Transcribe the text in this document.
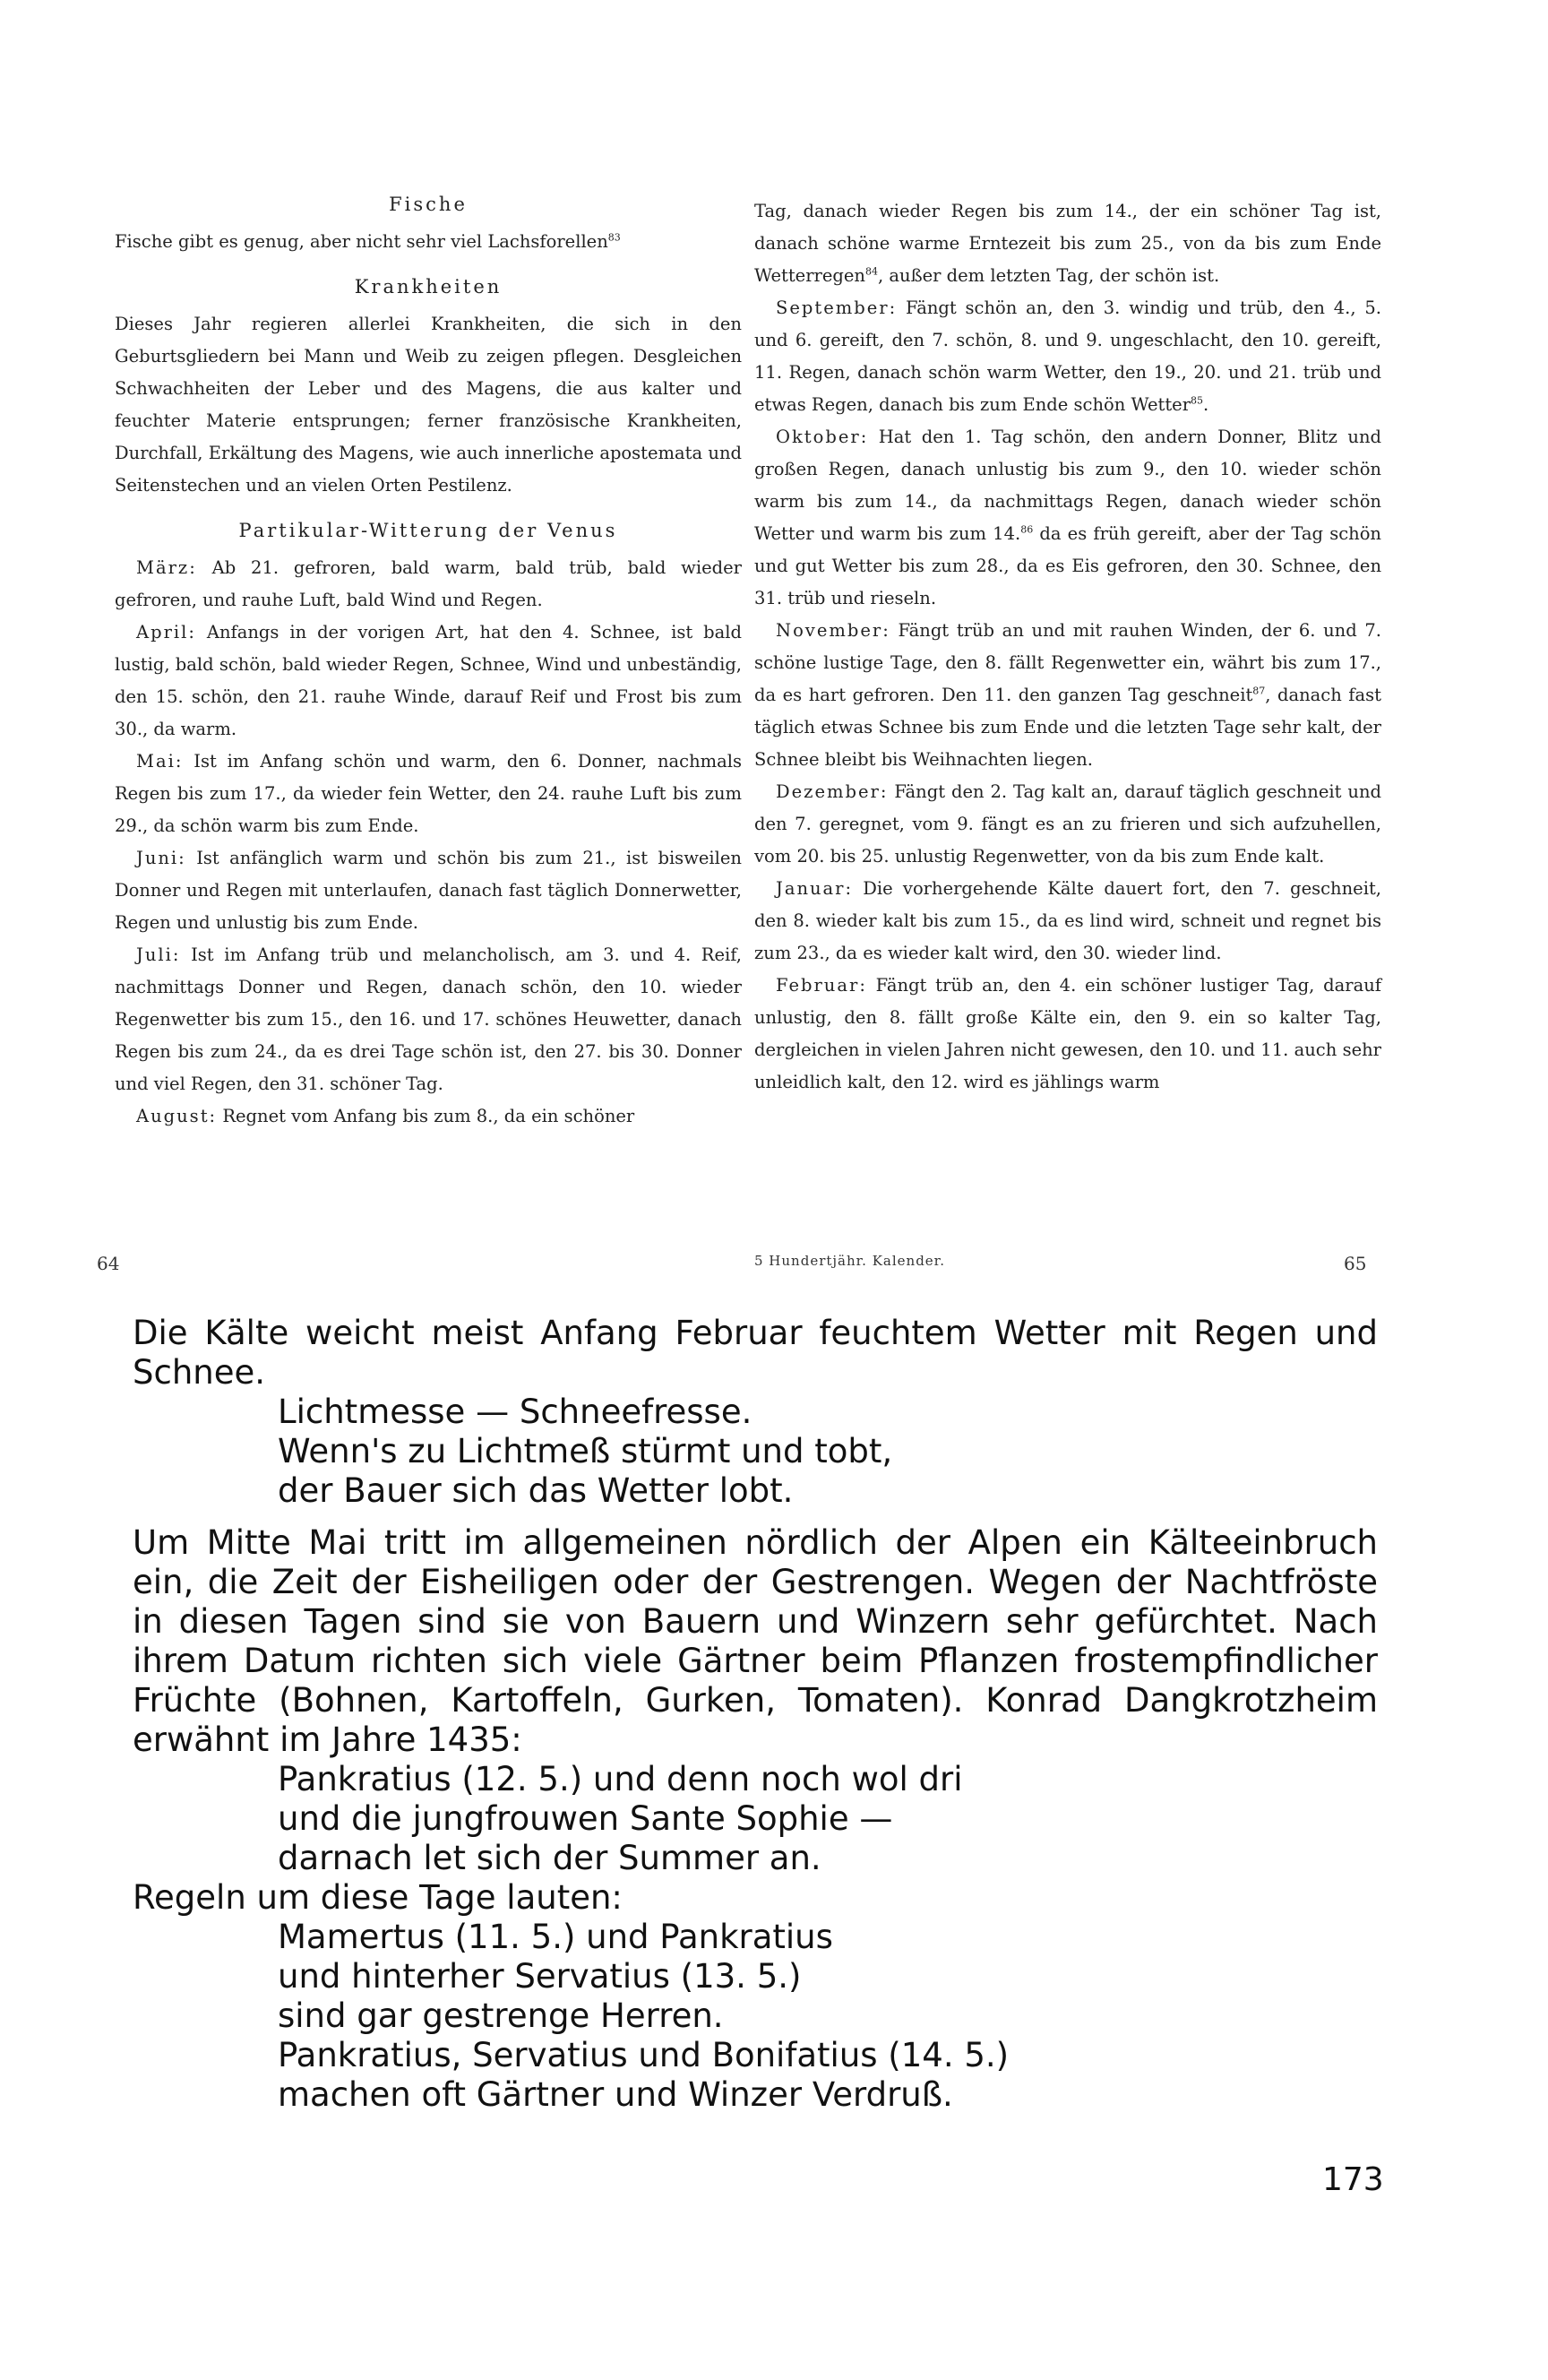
Fische

Fische gibt es genug, aber nicht sehr viel Lachsforellen$^{83}$

Krankheiten

Dieses Jahr regieren allerlei Krankheiten, die sich in den Geburtsgliedern bei Mann und Weib zu zeigen pflegen. Desgleichen Schwachheiten der Leber und des Magens, die aus kalter und feuchter Materie entsprungen; ferner französische Krankheiten, Durchfall, Erkältung des Magens, wie auch innerliche apostemata und Seitenstechen und an vielen Orten Pestilenz.

Partikular-Witterung der Venus

März: Ab 21. gefroren, bald warm, bald trüb, bald wieder gefroren, und rauhe Luft, bald Wind und Regen.

April: Anfangs in der vorigen Art, hat den 4. Schnee, ist bald lustig, bald schön, bald wieder Regen, Schnee, Wind und unbeständig, den 15. schön, den 21. rauhe Winde, darauf Reif und Frost bis zum 30., da warm.

Mai: Ist im Anfang schön und warm, den 6. Donner, nachmals Regen bis zum 17., da wieder fein Wetter, den 24. rauhe Luft bis zum 29., da schön warm bis zum Ende.

Juni: Ist anfänglich warm und schön bis zum 21., ist bisweilen Donner und Regen mit unterlaufen, danach fast täglich Donnerwetter, Regen und unlustig bis zum Ende.

Juli: Ist im Anfang trüb und melancholisch, am 3. und 4. Reif, nachmittags Donner und Regen, danach schön, den 10. wieder Regenwetter bis zum 15., den 16. und 17. schönes Heuwetter, danach Regen bis zum 24., da es drei Tage schön ist, den 27. bis 30. Donner und viel Regen, den 31. schöner Tag.

August: Regnet vom Anfang bis zum 8., da ein schöner

Tag, danach wieder Regen bis zum 14., der ein schöner Tag ist, danach schöne warme Erntezeit bis zum 25., von da bis zum Ende Wetterregen$^{84}$, außer dem letzten Tag, der schön ist.

September: Fängt schön an, den 3. windig und trüb, den 4., 5. und 6. gereift, den 7. schön, 8. und 9. ungeschlacht, den 10. gereift, 11. Regen, danach schön warm Wetter, den 19., 20. und 21. trüb und etwas Regen, danach bis zum Ende schön Wetter$^{85}$.

Oktober: Hat den 1. Tag schön, den andern Donner, Blitz und großen Regen, danach unlustig bis zum 9., den 10. wieder schön warm bis zum 14., da nachmittags Regen, danach wieder schön Wetter und warm bis zum 14.86 da es früh gereift, aber der Tag schön und gut Wetter bis zum 28., da es Eis gefroren, den 30. Schnee, den 31. trüb und rieseln.

November: Fängt trüb an und mit rauhen Winden, der 6. und 7. schöne lustige Tage, den 8. fällt Regenwetter ein, währt bis zum 17., da es hart gefroren. Den 11. den ganzen Tag geschneit$^{87}$, danach fast täglich etwas Schnee bis zum Ende und die letzten Tage sehr kalt, der Schnee bleibt bis Weihnachten liegen.

Dezember: Fängt den 2. Tag kalt an, darauf täglich geschneit und den 7. geregnet, vom 9. fängt es an zu frieren und sich aufzuhellen, vom 20. bis 25. unlustig Regenwetter, von da bis zum Ende kalt.

Januar: Die vorhergehende Kälte dauert fort, den 7. geschneit, den 8. wieder kalt bis zum 15., da es lind wird, schneit und regnet bis zum 23., da es wieder kalt wird, den 30. wieder lind.

Februar: Fängt trüb an, den 4. ein schöner lustiger Tag, darauf unlustig, den 8. fällt große Kälte ein, den 9. ein so kalter Tag, dergleichen in vielen Jahren nicht gewesen, den 10. und 11. auch sehr unleidlich kalt, den 12. wird es jählings warm

64	5 Hundertjähr. Kalender.	65

Die Kälte weicht meist Anfang Februar feuchtem Wetter mit Regen und Schnee.

Lichtmesse — Schneefresse.
Wenn's zu Lichtmeß stürmt und tobt,
der Bauer sich das Wetter lobt.

Um Mitte Mai tritt im allgemeinen nördlich der Alpen ein Kälteeinbruch ein, die Zeit der Eisheiligen oder der Gestrengen. Wegen der Nachtfröste in diesen Tagen sind sie von Bauern und Winzern sehr gefürchtet. Nach ihrem Datum richten sich viele Gärtner beim Pflanzen frostempfindlicher Früchte (Bohnen, Kartoffeln, Gurken, Tomaten). Konrad Dangkrotzheim erwähnt im Jahre 1435:

Pankratius (12. 5.) und denn noch wol dri
und die jungfrouwen Sante Sophie —
darnach let sich der Summer an.

Regeln um diese Tage lauten:

Mamertus (11. 5.) und Pankratius
und hinterher Servatius (13. 5.)
sind gar gestrenge Herren.
Pankratius, Servatius und Bonifatius (14. 5.)
machen oft Gärtner und Winzer Verdruß.
173
